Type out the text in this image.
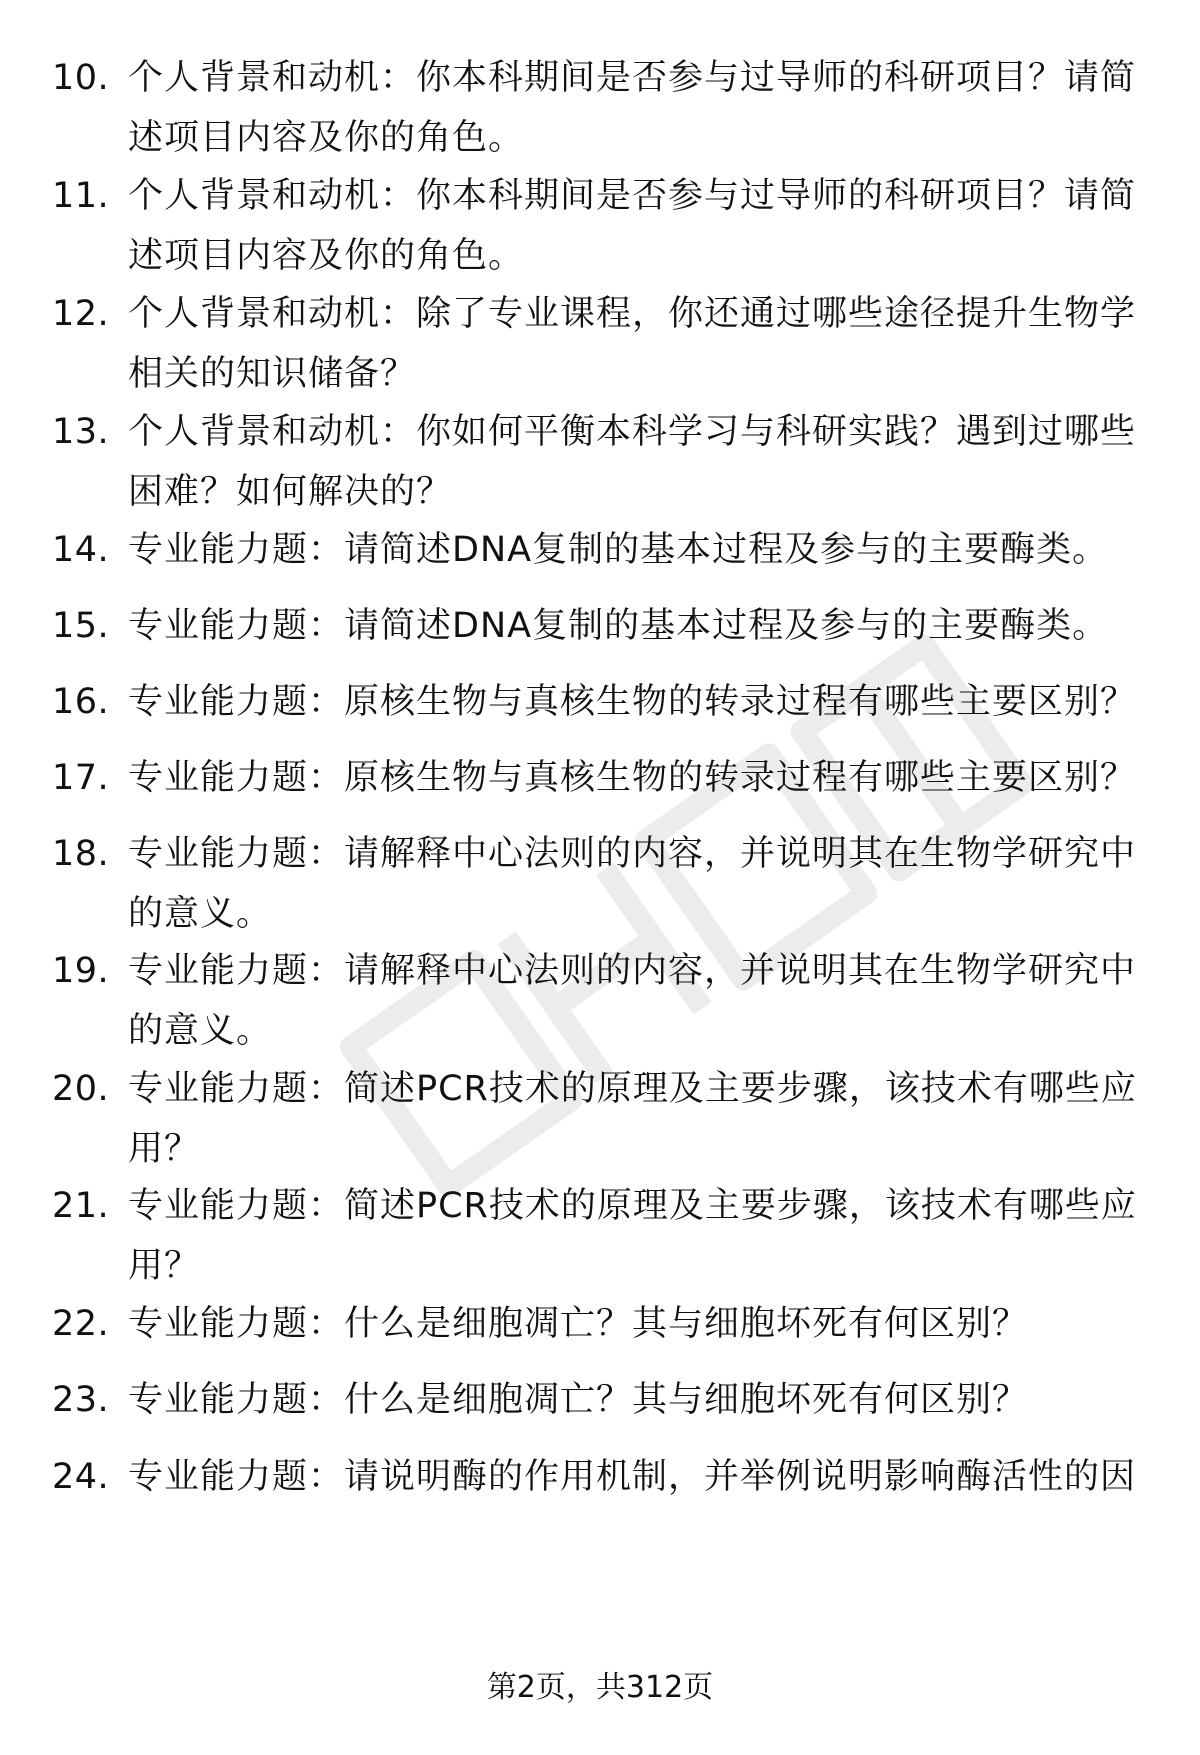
10. 个人背景和动机：你本科期间是否参与过导师的科研项目？请简
述项目内容及你的角色。
11. 个人背景和动机：你本科期间是否参与过导师的科研项目？请简
述项目内容及你的角色。
12. 个人背景和动机：除了专业课程，你还通过哪些途径提升生物学
相关的知识储备？
13. 个人背景和动机：你如何平衡本科学习与科研实践？遇到过哪些
困难？如何解决的？
14. 专业能力题：请简述DNA复制的基本过程及参与的主要酶类。
15. 专业能力题：请简述DNA复制的基本过程及参与的主要酶类。
16. 专业能力题：原核生物与真核生物的转录过程有哪些主要区别？
17. 专业能力题：原核生物与真核生物的转录过程有哪些主要区别？
18. 专业能力题：请解释中心法则的内容，并说明其在生物学研究中
的意义。
19. 专业能力题：请解释中心法则的内容，并说明其在生物学研究中
的意义。
20. 专业能力题：简述PCR技术的原理及主要步骤，该技术有哪些应
用？
21. 专业能力题：简述PCR技术的原理及主要步骤，该技术有哪些应
用？
22. 专业能力题：什么是细胞凋亡？其与细胞坏死有何区别？
23. 专业能力题：什么是细胞凋亡？其与细胞坏死有何区别？
24. 专业能力题：请说明酶的作用机制，并举例说明影响酶活性的因
第2页，共312页
